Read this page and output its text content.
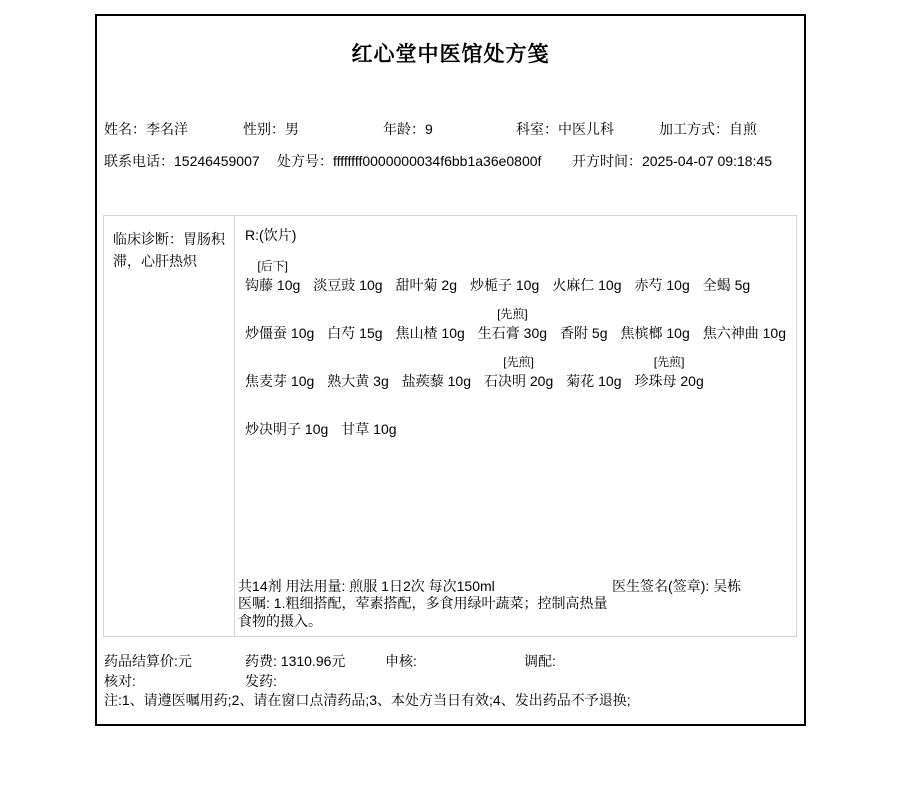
红心堂中医馆处方笺
姓名：李名洋	性别：男	年龄：9	科室：中医儿科	加工方式：自煎
联系电话：15246459007 处方号：ffffffff0000000034f6bb1a36e0800f 开方时间：2025-04-07 09:18:45
临床诊断：胃肠积滞，心肝热炽
R:(饮片)
[后下]
钩藤 10g
淡豆豉 10g
甜叶菊 2g
炒栀子 10g
火麻仁 10g
赤芍 10g
全蝎 5g

炒僵蚕 10g
白芍 15g
焦山楂 10g
[先煎]
生石膏 30g
香附 5g
焦槟榔 10g
焦六神曲 10g

焦麦芽 10g
熟大黄 3g
盐蒺藜 10g
[先煎]
石决明 20g
菊花 10g
[先煎]
珍珠母 20g

炒决明子 10g
甘草 10g
共14剂 用法用量: 煎服 1日2次 每次150ml	医生签名(签章): 吴栋
医嘱: 1.粗细搭配，荤素搭配，多食用绿叶蔬菜；控制高热量食物的摄入。
药品结算价:元	药费: 1310.96元	申核:	调配:
核对:	发药:
注:1、请遵医嘱用药;2、请在窗口点清药品;3、本处方当日有效;4、发出药品不予退换;
